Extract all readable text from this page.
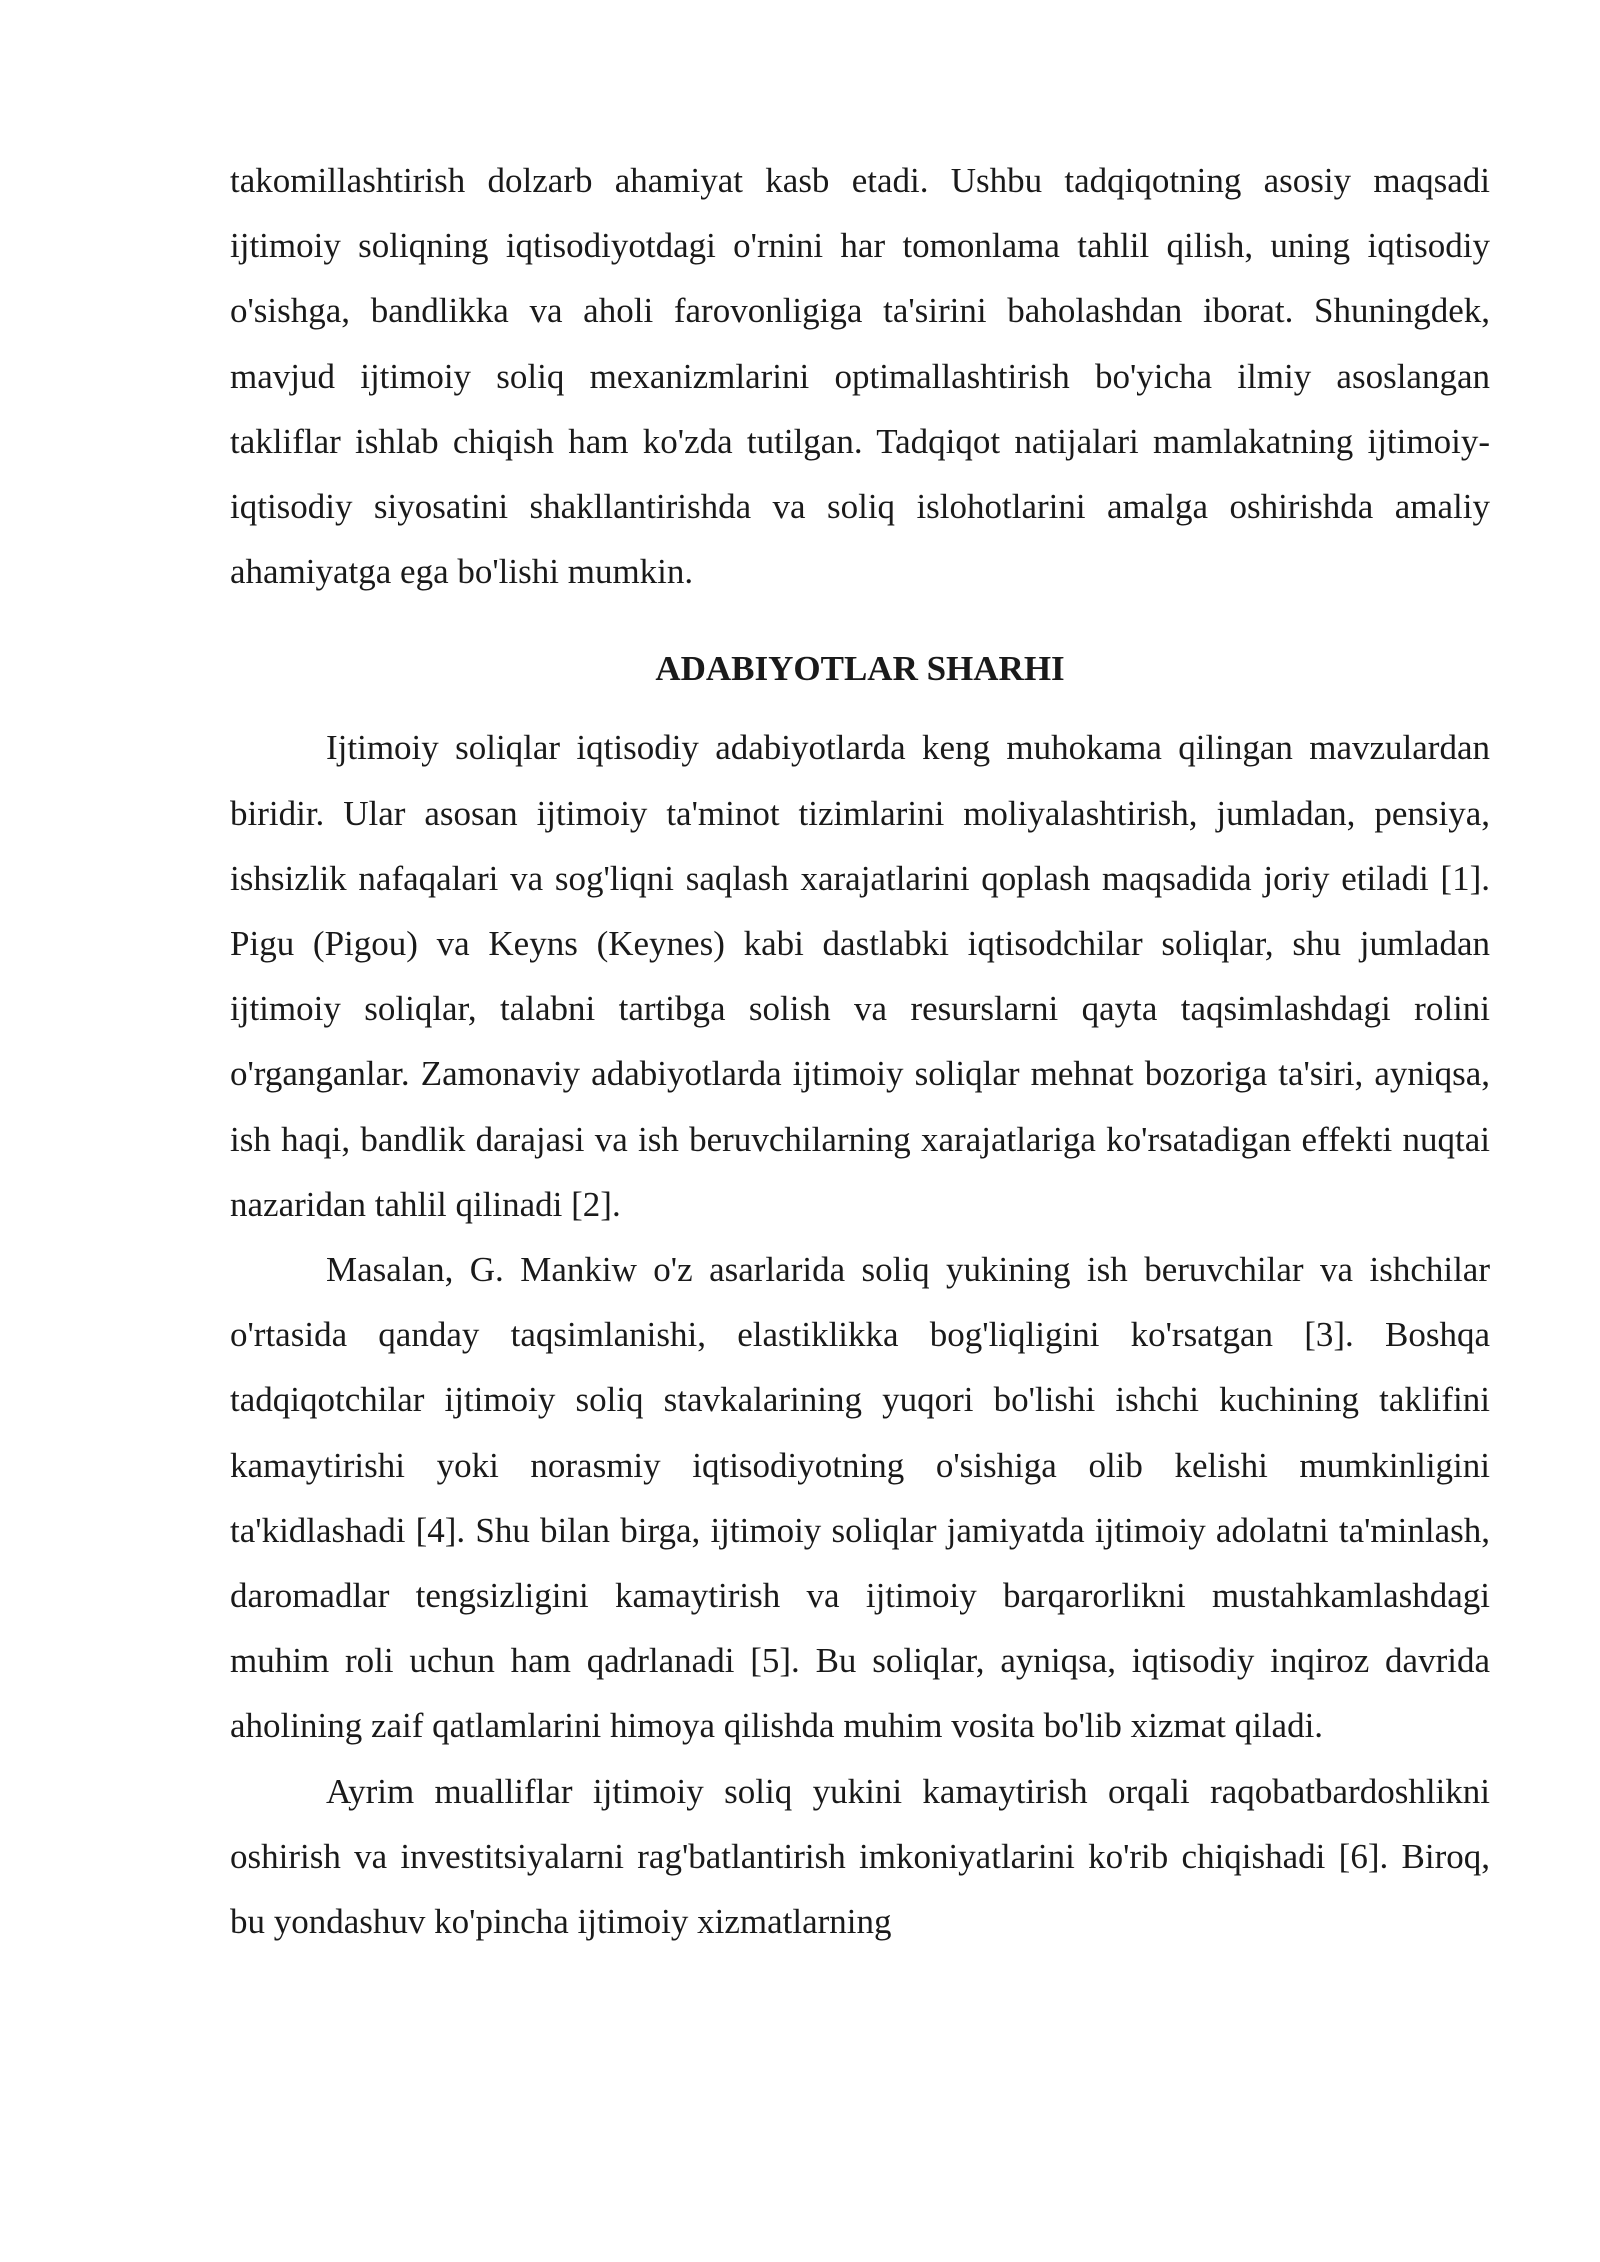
takomillashtirish dolzarb ahamiyat kasb etadi. Ushbu tadqiqotning asosiy maqsadi ijtimoiy soliqning iqtisodiyotdagi o'rnini har tomonlama tahlil qilish, uning iqtisodiy o'sishga, bandlikka va aholi farovonligiga ta'sirini baholashdan iborat. Shuningdek, mavjud ijtimoiy soliq mexanizmlarini optimallashtirish bo'yicha ilmiy asoslangan takliflar ishlab chiqish ham ko'zda tutilgan. Tadqiqot natijalari mamlakatning ijtimoiy-iqtisodiy siyosatini shakllantirishda va soliq islohotlarini amalga oshirishda amaliy ahamiyatga ega bo'lishi mumkin.

ADABIYOTLAR SHARHI

Ijtimoiy soliqlar iqtisodiy adabiyotlarda keng muhokama qilingan mavzulardan biridir. Ular asosan ijtimoiy ta'minot tizimlarini moliyalashtirish, jumladan, pensiya, ishsizlik nafaqalari va sog'liqni saqlash xarajatlarini qoplash maqsadida joriy etiladi [1]. Pigu (Pigou) va Keyns (Keynes) kabi dastlabki iqtisodchilar soliqlar, shu jumladan ijtimoiy soliqlar, talabni tartibga solish va resurslarni qayta taqsimlashdagi rolini o'rganganlar. Zamonaviy adabiyotlarda ijtimoiy soliqlar mehnat bozoriga ta'siri, ayniqsa, ish haqi, bandlik darajasi va ish beruvchilarning xarajatlariga ko'rsatadigan effekti nuqtai nazaridan tahlil qilinadi [2].

Masalan, G. Mankiw o'z asarlarida soliq yukining ish beruvchilar va ishchilar o'rtasida qanday taqsimlanishi, elastiklikka bog'liqligini ko'rsatgan [3]. Boshqa tadqiqotchilar ijtimoiy soliq stavkalarining yuqori bo'lishi ishchi kuchining taklifini kamaytirishi yoki norasmiy iqtisodiyotning o'sishiga olib kelishi mumkinligini ta'kidlashadi [4]. Shu bilan birga, ijtimoiy soliqlar jamiyatda ijtimoiy adolatni ta'minlash, daromadlar tengsizligini kamaytirish va ijtimoiy barqarorlikni mustahkamlashdagi muhim roli uchun ham qadrlanadi [5]. Bu soliqlar, ayniqsa, iqtisodiy inqiroz davrida aholining zaif qatlamlarini himoya qilishda muhim vosita bo'lib xizmat qiladi.

Ayrim mualliflar ijtimoiy soliq yukini kamaytirish orqali raqobatbardoshlikni oshirish va investitsiyalarni rag'batlantirish imkoniyatlarini ko'rib chiqishadi [6]. Biroq, bu yondashuv ko'pincha ijtimoiy xizmatlarning
